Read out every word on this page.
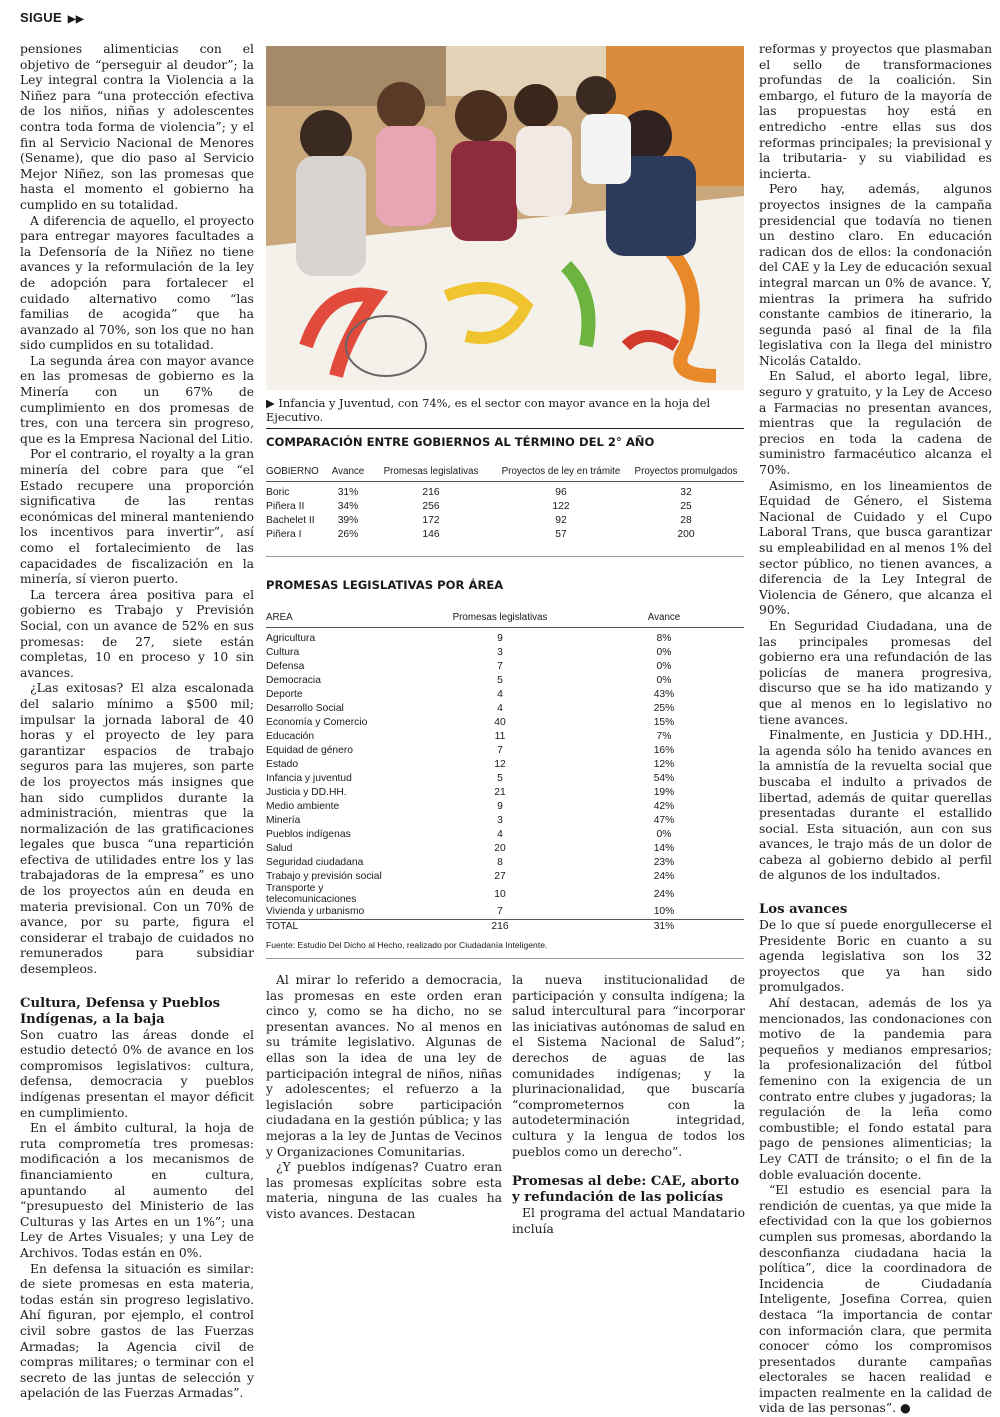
SIGUE ▶▶

pensiones alimenticias con el objetivo de “perseguir al deudor”; la Ley integral contra la Violencia a la Niñez para “una protección efectiva de los niños, niñas y adolescentes contra toda forma de violencia”; y el fin al Servicio Nacional de Menores (Sename), que dio paso al Servicio Mejor Niñez, son las promesas que hasta el momento el gobierno ha cumplido en su totalidad.

A diferencia de aquello, el proyecto para entregar mayores facultades a la Defensoría de la Niñez no tiene avances y la reformulación de la ley de adopción para fortalecer el cuidado alternativo como “las familias de acogida” que ha avanzado al 70%, son los que no han sido cumplidos en su totalidad.

La segunda área con mayor avance en las promesas de gobierno es la Minería con un 67% de cumplimiento en dos promesas de tres, con una tercera sin progreso, que es la Empresa Nacional del Litio.

Por el contrario, el royalty a la gran minería del cobre para que “el Estado recupere una proporción significativa de las rentas económicas del mineral manteniendo los incentivos para invertir”, así como el fortalecimiento de las capacidades de fiscalización en la minería, sí vieron puerto.

La tercera área positiva para el gobierno es Trabajo y Previsión Social, con un avance de 52% en sus promesas: de 27, siete están completas, 10 en proceso y 10 sin avances.

¿Las exitosas? El alza escalonada del salario mínimo a $500 mil; impulsar la jornada laboral de 40 horas y el proyecto de ley para garantizar espacios de trabajo seguros para las mujeres, son parte de los proyectos más insignes que han sido cumplidos durante la administración, mientras que la normalización de las gratificaciones legales que busca “una repartición efectiva de utilidades entre los y las trabajadoras de la empresa” es uno de los proyectos aún en deuda en materia previsional. Con un 70% de avance, por su parte, figura el considerar el trabajo de cuidados no remunerados para subsidiar desempleos.

Cultura, Defensa y Pueblos Indígenas, a la baja

Son cuatro las áreas donde el estudio detectó 0% de avance en los compromisos legislativos: cultura, defensa, democracia y pueblos indígenas presentan el mayor déficit en cumplimiento.

En el ámbito cultural, la hoja de ruta comprometía tres promesas: modificación a los mecanismos de financiamiento en cultura, apuntando al aumento del “presupuesto del Ministerio de las Culturas y las Artes en un 1%”; una Ley de Artes Visuales; y una Ley de Archivos. Todas están en 0%.

En defensa la situación es similar: de siete promesas en esta materia, todas están sin progreso legislativo. Ahí figuran, por ejemplo, el control civil sobre gastos de las Fuerzas Armadas; la Agencia civil de compras militares; o terminar con el secreto de las juntas de selección y apelación de las Fuerzas Armadas”.

▶ Infancia y Juventud, con 74%, es el sector con mayor avance en la hoja del Ejecutivo.
COMPARACIÓN ENTRE GOBIERNOS AL TÉRMINO DEL 2° AÑO
GOBIERNO	Avance	Promesas legislativas	Proyectos de ley en trámite	Proyectos promulgados
Boric	31%	216	96	32
Piñera II	34%	256	122	25
Bachelet II	39%	172	92	28
Piñera I	26%	146	57	200
PROMESAS LEGISLATIVAS POR ÁREA
AREA	Promesas legislativas	Avance
Agricultura	9	8%
Cultura	3	0%
Defensa	7	0%
Democracia	5	0%
Deporte	4	43%
Desarrollo Social	4	25%
Economía y Comercio	40	15%
Educación	11	7%
Equidad de género	7	16%
Estado	12	12%
Infancia y juventud	5	54%
Justicia y DD.HH.	21	19%
Medio ambiente	9	42%
Minería	3	47%
Pueblos indígenas	4	0%
Salud	20	14%
Seguridad ciudadana	8	23%
Trabajo y previsión social	27	24%
Transporte y telecomunicaciones	10	24%
Vivienda y urbanismo	7	10%
TOTAL	216	31%
Fuente: Estudio Del Dicho al Hecho, realizado por Ciudadanía Inteligente.

Al mirar lo referido a democracia, las promesas en este orden eran cinco y, como se ha dicho, no se presentan avances. No al menos en su trámite legislativo. Algunas de ellas son la idea de una ley de participación integral de niños, niñas y adolescentes; el refuerzo a la legislación sobre participación ciudadana en la gestión pública; y las mejoras a la ley de Juntas de Vecinos y Organizaciones Comunitarias.

¿Y pueblos indígenas? Cuatro eran las promesas explícitas sobre esta materia, ninguna de las cuales ha visto avances. Destacan

la nueva institucionalidad de participación y consulta indígena; la salud intercultural para “incorporar las iniciativas autónomas de salud en el Sistema Nacional de Salud”; derechos de aguas de las comunidades indígenas; y la plurinacionalidad, que buscaría “comprometernos con la autodeterminación integridad, cultura y la lengua de todos los pueblos como un derecho”.

Promesas al debe: CAE, aborto y refundación de las policías

El programa del actual Mandatario incluía

reformas y proyectos que plasmaban el sello de transformaciones profundas de la coalición. Sin embargo, el futuro de la mayoría de las propuestas hoy está en entredicho -entre ellas sus dos reformas principales; la previsional y la tributaria- y su viabilidad es incierta.

Pero hay, además, algunos proyectos insignes de la campaña presidencial que todavía no tienen un destino claro. En educación radican dos de ellos: la condonación del CAE y la Ley de educación sexual integral marcan un 0% de avance. Y, mientras la primera ha sufrido constante cambios de itinerario, la segunda pasó al final de la fila legislativa con la llega del ministro Nicolás Cataldo.

En Salud, el aborto legal, libre, seguro y gratuito, y la Ley de Acceso a Farmacias no presentan avances, mientras que la regulación de precios en toda la cadena de suministro farmacéutico alcanza el 70%.

Asimismo, en los lineamientos de Equidad de Género, el Sistema Nacional de Cuidado y el Cupo Laboral Trans, que busca garantizar su empleabilidad en al menos 1% del sector público, no tienen avances, a diferencia de la Ley Integral de Violencia de Género, que alcanza el 90%.

En Seguridad Ciudadana, una de las principales promesas del gobierno era una refundación de las policías de manera progresiva, discurso que se ha ido matizando y que al menos en lo legislativo no tiene avances.

Finalmente, en Justicia y DD.HH., la agenda sólo ha tenido avances en la amnistía de la revuelta social que buscaba el indulto a privados de libertad, además de quitar querellas presentadas durante el estallido social. Esta situación, aun con sus avances, le trajo más de un dolor de cabeza al gobierno debido al perfil de algunos de los indultados.

Los avances

De lo que sí puede enorgullecerse el Presidente Boric en cuanto a su agenda legislativa son los 32 proyectos que ya han sido promulgados.

Ahí destacan, además de los ya mencionados, las condonaciones con motivo de la pandemia para pequeños y medianos empresarios; la profesionalización del fútbol femenino con la exigencia de un contrato entre clubes y jugadoras; la regulación de la leña como combustible; el fondo estatal para pago de pensiones alimenticias; la Ley CATI de tránsito; o el fin de la doble evaluación docente.

“El estudio es esencial para la rendición de cuentas, ya que mide la efectividad con la que los gobiernos cumplen sus promesas, abordando la desconfianza ciudadana hacia la política”, dice la coordinadora de Incidencia de Ciudadanía Inteligente, Josefina Correa, quien destaca “la importancia de contar con información clara, que permita conocer cómo los compromisos presentados durante campañas electorales se hacen realidad e impacten realmente en la calidad de vida de las personas”. ●
